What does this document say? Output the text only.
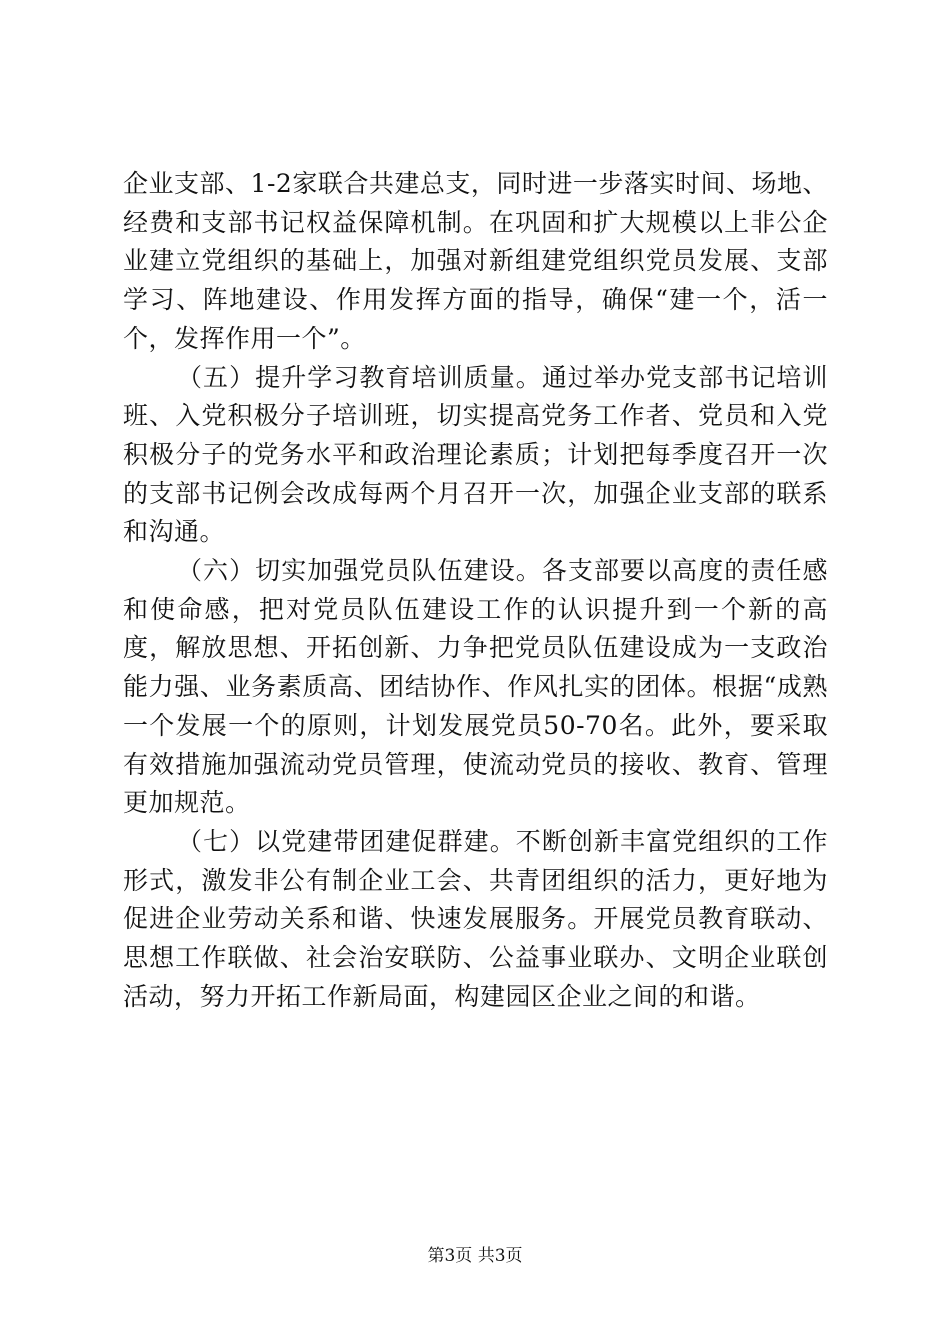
企业支部、1-2家联合共建总支，同时进一步落实时间、场地、经费和支部书记权益保障机制。在巩固和扩大规模以上非公企业建立党组织的基础上，加强对新组建党组织党员发展、支部学习、阵地建设、作用发挥方面的指导，确保“建一个，活一个，发挥作用一个”。

（五）提升学习教育培训质量。通过举办党支部书记培训班、入党积极分子培训班，切实提高党务工作者、党员和入党积极分子的党务水平和政治理论素质；计划把每季度召开一次的支部书记例会改成每两个月召开一次，加强企业支部的联系和沟通。

（六）切实加强党员队伍建设。各支部要以高度的责任感和使命感，把对党员队伍建设工作的认识提升到一个新的高度，解放思想、开拓创新、力争把党员队伍建设成为一支政治能力强、业务素质高、团结协作、作风扎实的团体。根据“成熟一个发展一个的原则，计划发展党员50-70名。此外，要采取有效措施加强流动党员管理，使流动党员的接收、教育、管理更加规范。

（七）以党建带团建促群建。不断创新丰富党组织的工作形式，激发非公有制企业工会、共青团组织的活力，更好地为促进企业劳动关系和谐、快速发展服务。开展党员教育联动、思想工作联做、社会治安联防、公益事业联办、文明企业联创活动，努力开拓工作新局面，构建园区企业之间的和谐。

第3页 共3页
